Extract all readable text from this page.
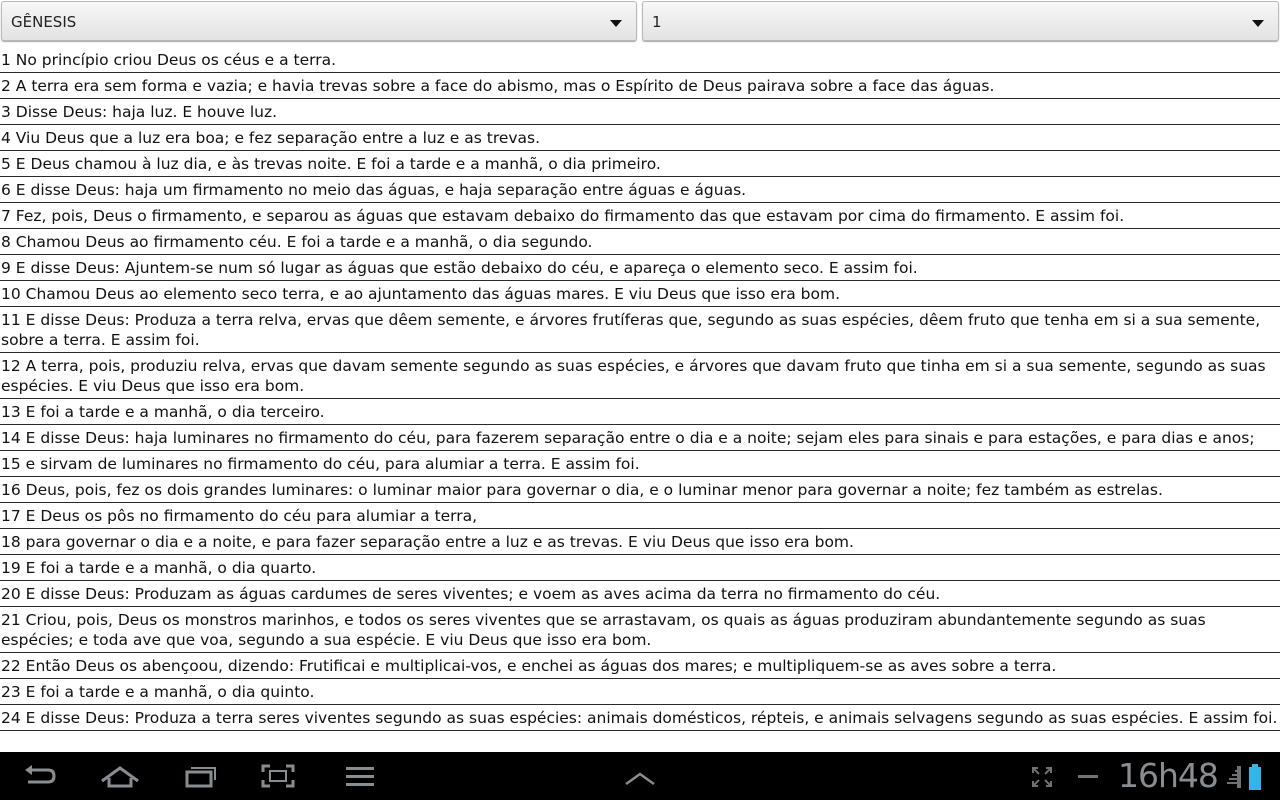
GÊNESIS	1
1 No princípio criou Deus os céus e a terra.
2 A terra era sem forma e vazia; e havia trevas sobre a face do abismo, mas o Espírito de Deus pairava sobre a face das águas.
3 Disse Deus: haja luz. E houve luz.
4 Viu Deus que a luz era boa; e fez separação entre a luz e as trevas.
5 E Deus chamou à luz dia, e às trevas noite. E foi a tarde e a manhã, o dia primeiro.
6 E disse Deus: haja um firmamento no meio das águas, e haja separação entre águas e águas.
7 Fez, pois, Deus o firmamento, e separou as águas que estavam debaixo do firmamento das que estavam por cima do firmamento. E assim foi.
8 Chamou Deus ao firmamento céu. E foi a tarde e a manhã, o dia segundo.
9 E disse Deus: Ajuntem-se num só lugar as águas que estão debaixo do céu, e apareça o elemento seco. E assim foi.
10 Chamou Deus ao elemento seco terra, e ao ajuntamento das águas mares. E viu Deus que isso era bom.
11 E disse Deus: Produza a terra relva, ervas que dêem semente, e árvores frutíferas que, segundo as suas espécies, dêem fruto que tenha em si a sua semente, sobre a terra. E assim foi.
12 A terra, pois, produziu relva, ervas que davam semente segundo as suas espécies, e árvores que davam fruto que tinha em si a sua semente, segundo as suas espécies. E viu Deus que isso era bom.
13 E foi a tarde e a manhã, o dia terceiro.
14 E disse Deus: haja luminares no firmamento do céu, para fazerem separação entre o dia e a noite; sejam eles para sinais e para estações, e para dias e anos;
15 e sirvam de luminares no firmamento do céu, para alumiar a terra. E assim foi.
16 Deus, pois, fez os dois grandes luminares: o luminar maior para governar o dia, e o luminar menor para governar a noite; fez também as estrelas.
17 E Deus os pôs no firmamento do céu para alumiar a terra,
18 para governar o dia e a noite, e para fazer separação entre a luz e as trevas. E viu Deus que isso era bom.
19 E foi a tarde e a manhã, o dia quarto.
20 E disse Deus: Produzam as águas cardumes de seres viventes; e voem as aves acima da terra no firmamento do céu.
21 Criou, pois, Deus os monstros marinhos, e todos os seres viventes que se arrastavam, os quais as águas produziram abundantemente segundo as suas espécies; e toda ave que voa, segundo a sua espécie. E viu Deus que isso era bom.
22 Então Deus os abençoou, dizendo: Frutificai e multiplicai-vos, e enchei as águas dos mares; e multipliquem-se as aves sobre a terra.
23 E foi a tarde e a manhã, o dia quinto.
24 E disse Deus: Produza a terra seres viventes segundo as suas espécies: animais domésticos, répteis, e animais selvagens segundo as suas espécies. E assim foi.
16h48
